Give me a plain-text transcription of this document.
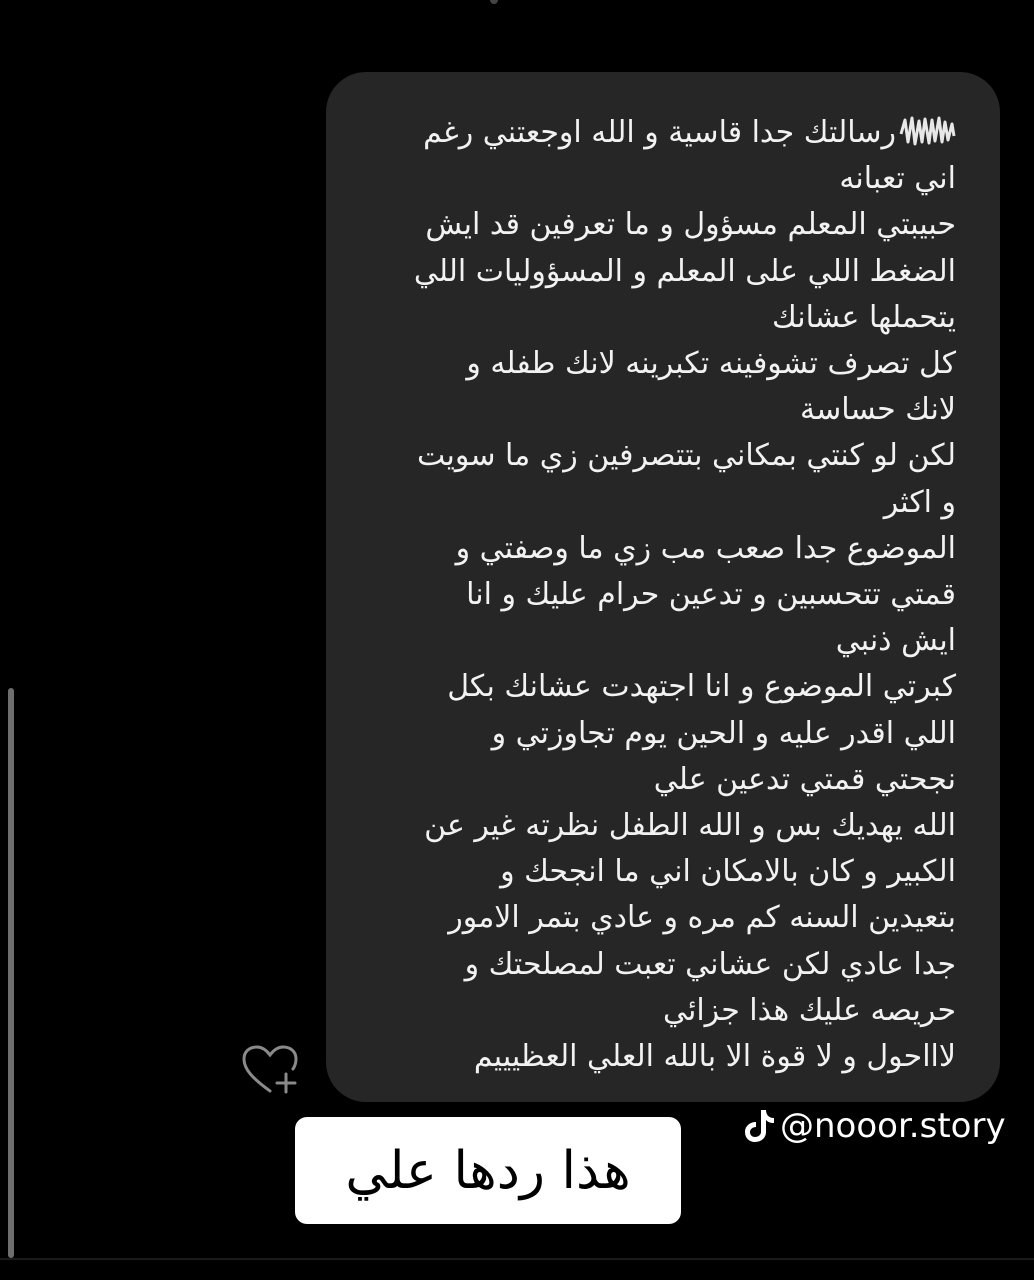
رسالتك جدا قاسية و الله اوجعتني رغم
اني تعبانه
حبيبتي المعلم مسؤول و ما تعرفين قد ايش
الضغط اللي على المعلم و المسؤوليات اللي
يتحملها عشانك
كل تصرف تشوفينه تكبرينه لانك طفله و
لانك حساسة
لكن لو كنتي بمكاني بتتصرفين زي ما سويت
و اكثر
الموضوع جدا صعب مب زي ما وصفتي و
قمتي تتحسبين و تدعين حرام عليك و انا
ايش ذنبي
كبرتي الموضوع و انا اجتهدت عشانك بكل
اللي اقدر عليه و الحين يوم تجاوزتي و
نجحتي قمتي تدعين علي
الله يهديك بس و الله الطفل نظرته غير عن
الكبير و كان بالامكان اني ما انجحك و
بتعيدين السنه كم مره و عادي بتمر الامور
جدا عادي لكن عشاني تعبت لمصلحتك و
حريصه عليك هذا جزائي
لاااحول و لا قوة الا بالله العلي العظيييم
@nooor.story
هذا ردها علي
